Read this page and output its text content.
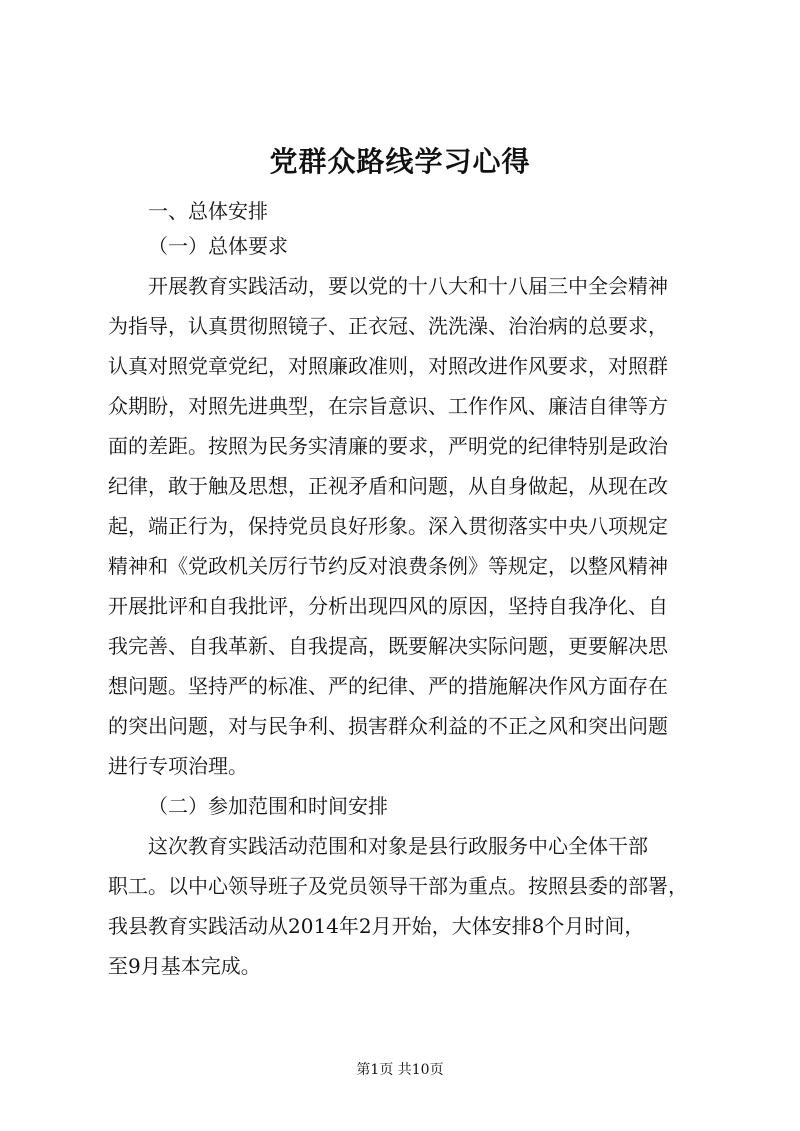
党群众路线学习心得
一、总体安排
（一）总体要求
开展教育实践活动，要以党的十八大和十八届三中全会精神
为指导，认真贯彻照镜子、正衣冠、洗洗澡、治治病的总要求，
认真对照党章党纪，对照廉政准则，对照改进作风要求，对照群
众期盼，对照先进典型，在宗旨意识、工作作风、廉洁自律等方
面的差距。按照为民务实清廉的要求，严明党的纪律特别是政治
纪律，敢于触及思想，正视矛盾和问题，从自身做起，从现在改
起，端正行为，保持党员良好形象。深入贯彻落实中央八项规定
精神和《党政机关厉行节约反对浪费条例》等规定，以整风精神
开展批评和自我批评，分析出现四风的原因，坚持自我净化、自
我完善、自我革新、自我提高，既要解决实际问题，更要解决思
想问题。坚持严的标准、严的纪律、严的措施解决作风方面存在
的突出问题，对与民争利、损害群众利益的不正之风和突出问题
进行专项治理。
（二）参加范围和时间安排
这次教育实践活动范围和对象是县行政服务中心全体干部
职工。以中心领导班子及党员领导干部为重点。按照县委的部署，
我县教育实践活动从2014年2月开始，大体安排8个月时间，
至9月基本完成。
第1页 共10页
